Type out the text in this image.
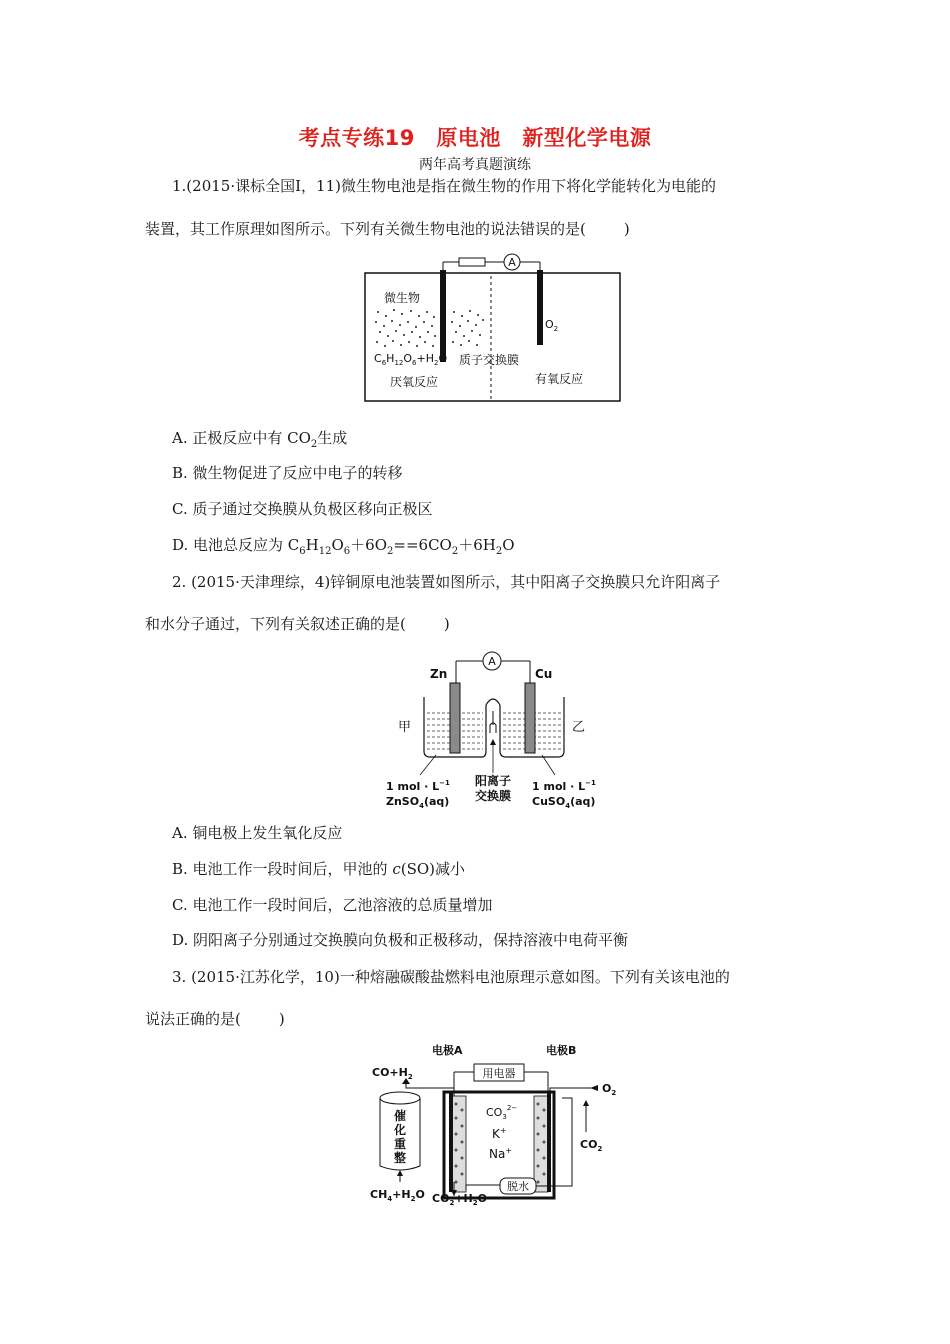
考点专练19　原电池　新型化学电源
两年高考真题演练
1.(2015·课标全国Ⅰ，11)微生物电池是指在微生物的作用下将化学能转化为电能的
装置，其工作原理如图所示。下列有关微生物电池的说法错误的是(	)
A
微生物
$O_2$
$C_6H_{12}O_6+H_2O$ 质子交换膜
厌氧反应	有氧反应
A. 正极反应中有 $CO_2$生成
B. 微生物促进了反应中电子的转移
C. 质子通过交换膜从负极区移向正极区
D. 电池总反应为 $C_6H_{12}O_6+6O_2==6CO_2+6H_2O$
2. (2015·天津理综，4)锌铜原电池装置如图所示，其中阳离子交换膜只允许阳离子
和水分子通过，下列有关叙述正确的是(	)
A
Zn	Cu
甲	乙
1 mol · $L^{-1}$
ZnSO$_4$(aq)
阳离子
交换膜
1 mol · $L^{-1}$
CuSO$_4$(aq)
A. 铜电极上发生氧化反应
B. 电池工作一段时间后，甲池的 c(SO)减小
C. 电池工作一段时间后，乙池溶液的总质量增加
D. 阴阳离子分别通过交换膜向负极和正极移动，保持溶液中电荷平衡
3. (2015·江苏化学，10)一种熔融碳酸盐燃料电池原理示意如图。下列有关该电池的
说法正确的是(	)
电极A	电极B
用电器
$CO_3^{2-}$
K+
Na+
$CO+H_2$
催
化
重
整
$CH_4+H_2O$
$O_2$
$CO_2$
$CO_2+H_2O$
脱水
